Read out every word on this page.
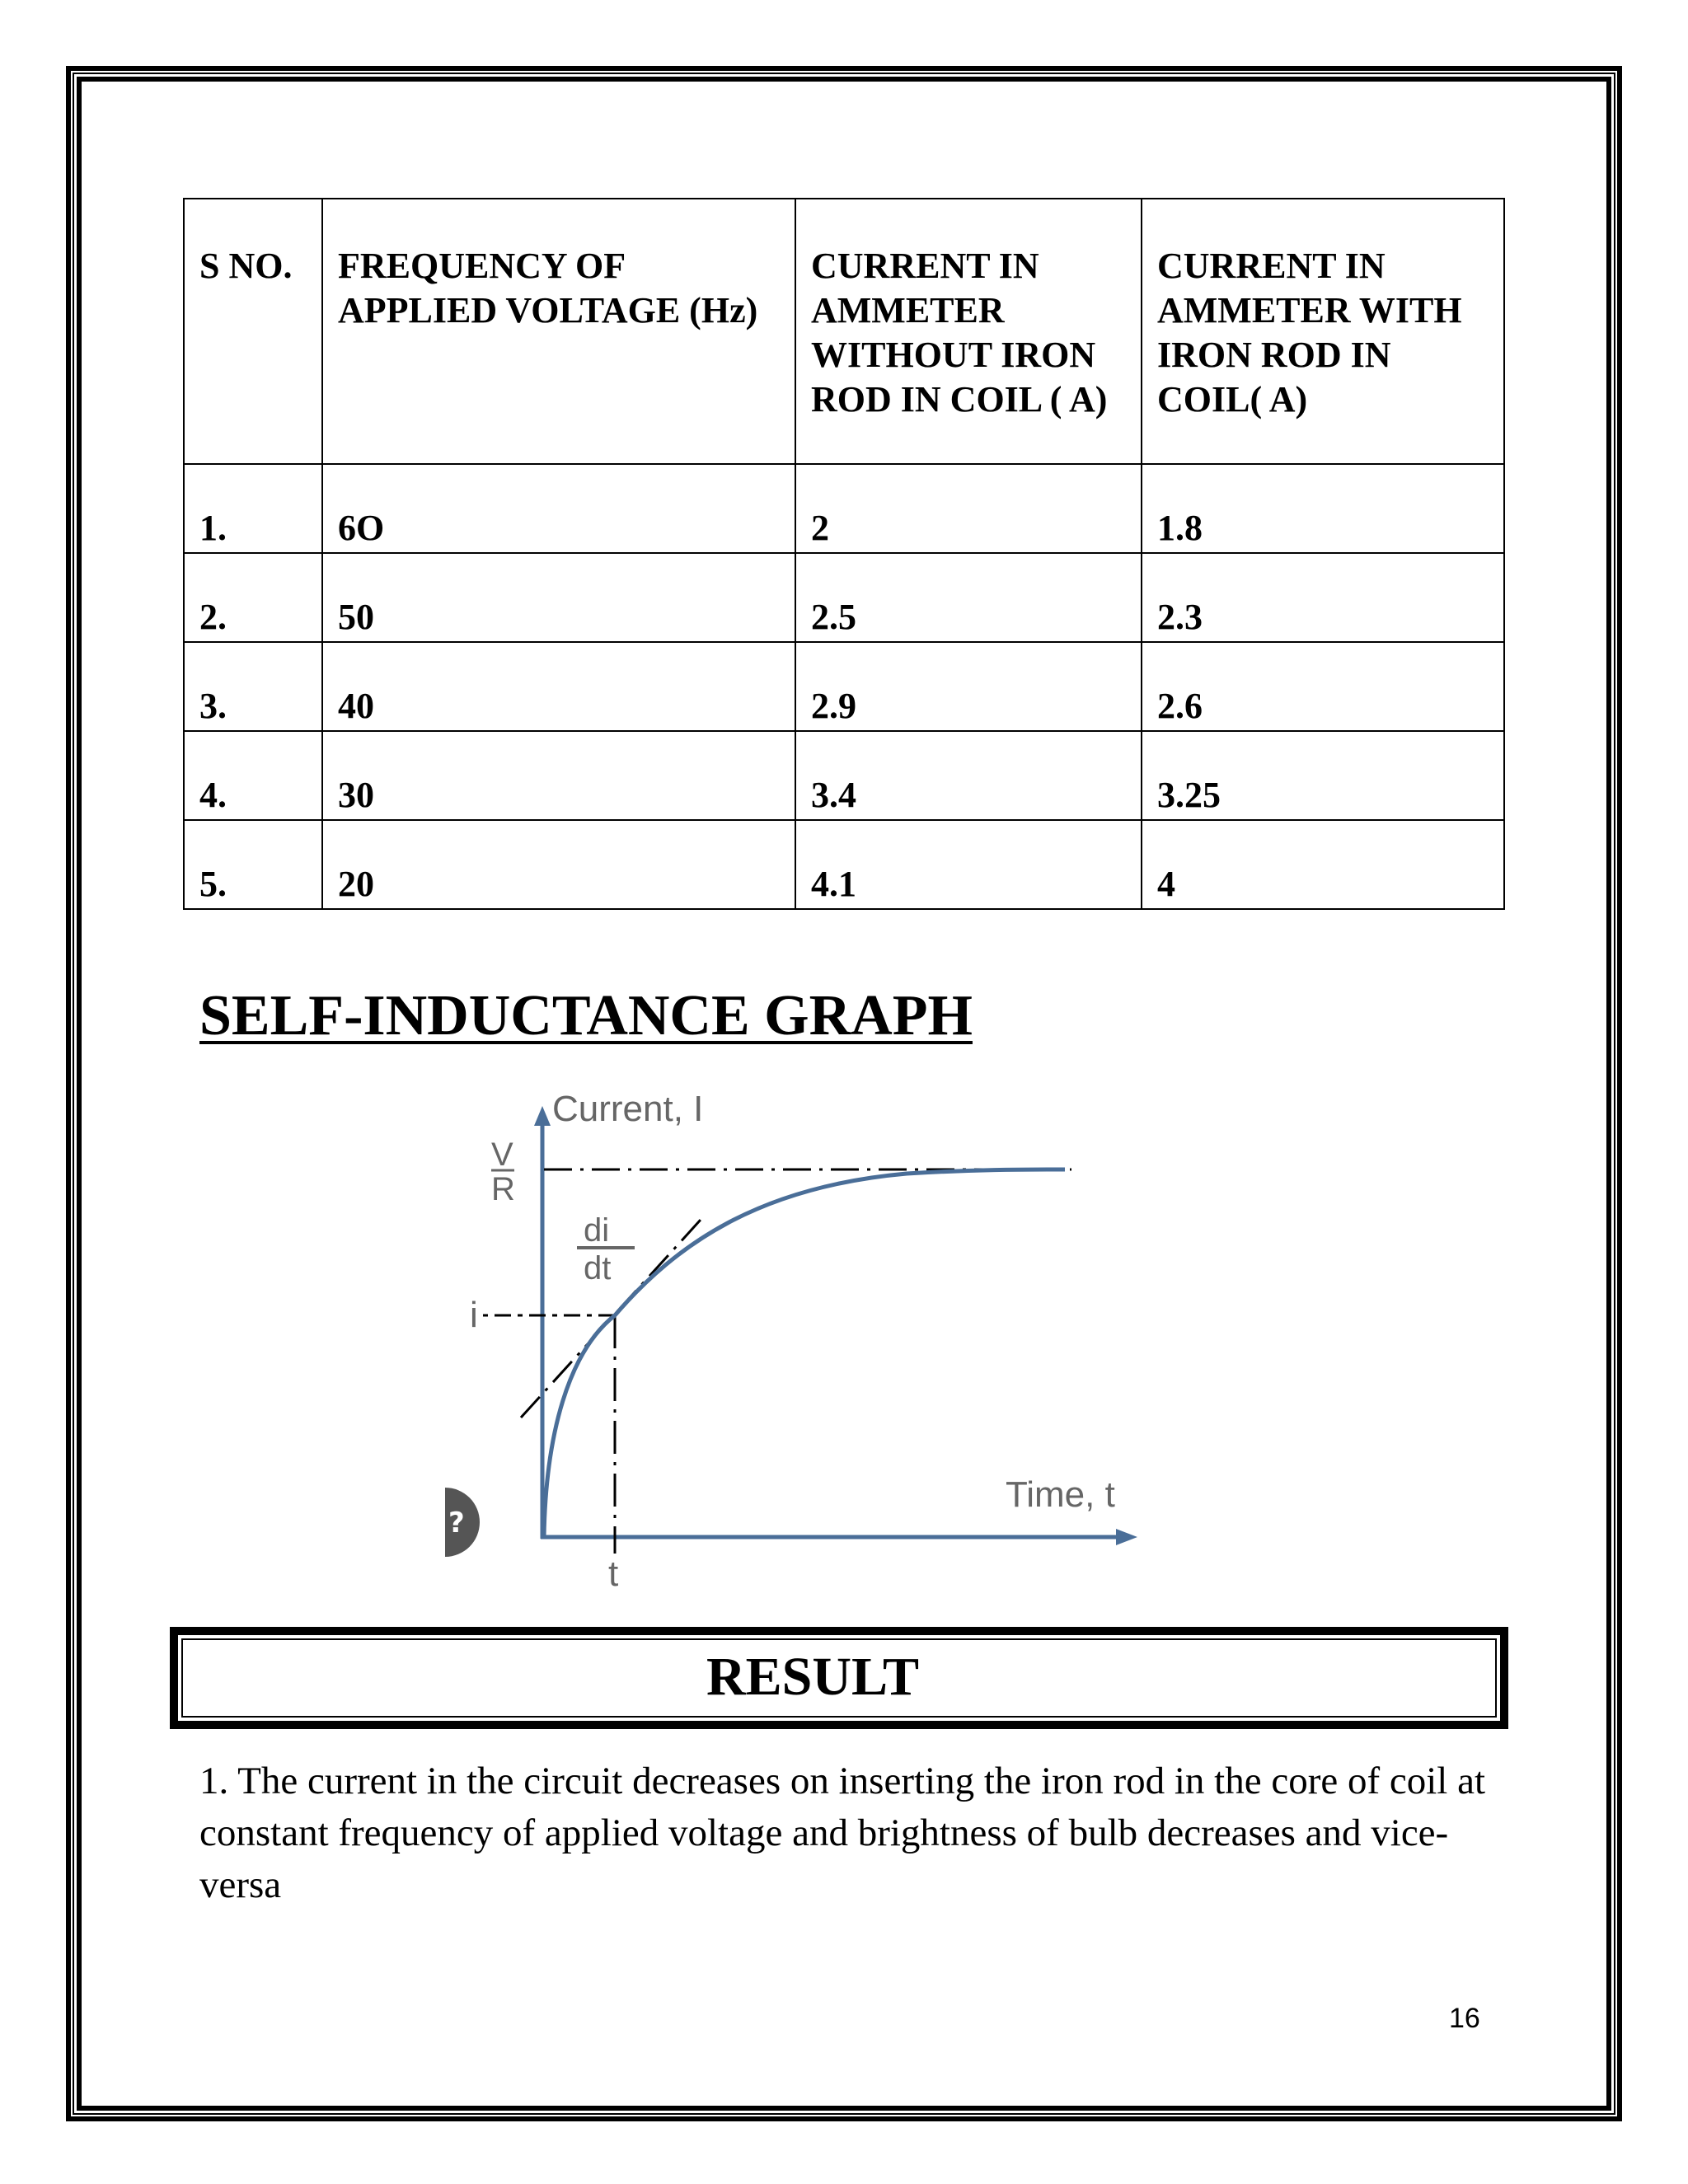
S NO.	FREQUENCY OF APPLIED VOLTAGE (Hz)	CURRENT IN AMMETER WITHOUT IRON ROD IN COIL ( A)	CURRENT IN AMMETER WITH IRON ROD IN COIL( A)
1.	6O	2	1.8
2.	50	2.5	2.3
3.	40	2.9	2.6
4.	30	3.4	3.25
5.	20	4.1	4
SELF-INDUCTANCE GRAPH
?
Current, I
Time, t
V
R
di
dt
i
t
RESULT
1. The current in the circuit decreases on inserting the iron rod in the core of coil at constant frequency of applied voltage and brightness of bulb decreases and vice-versa
16
